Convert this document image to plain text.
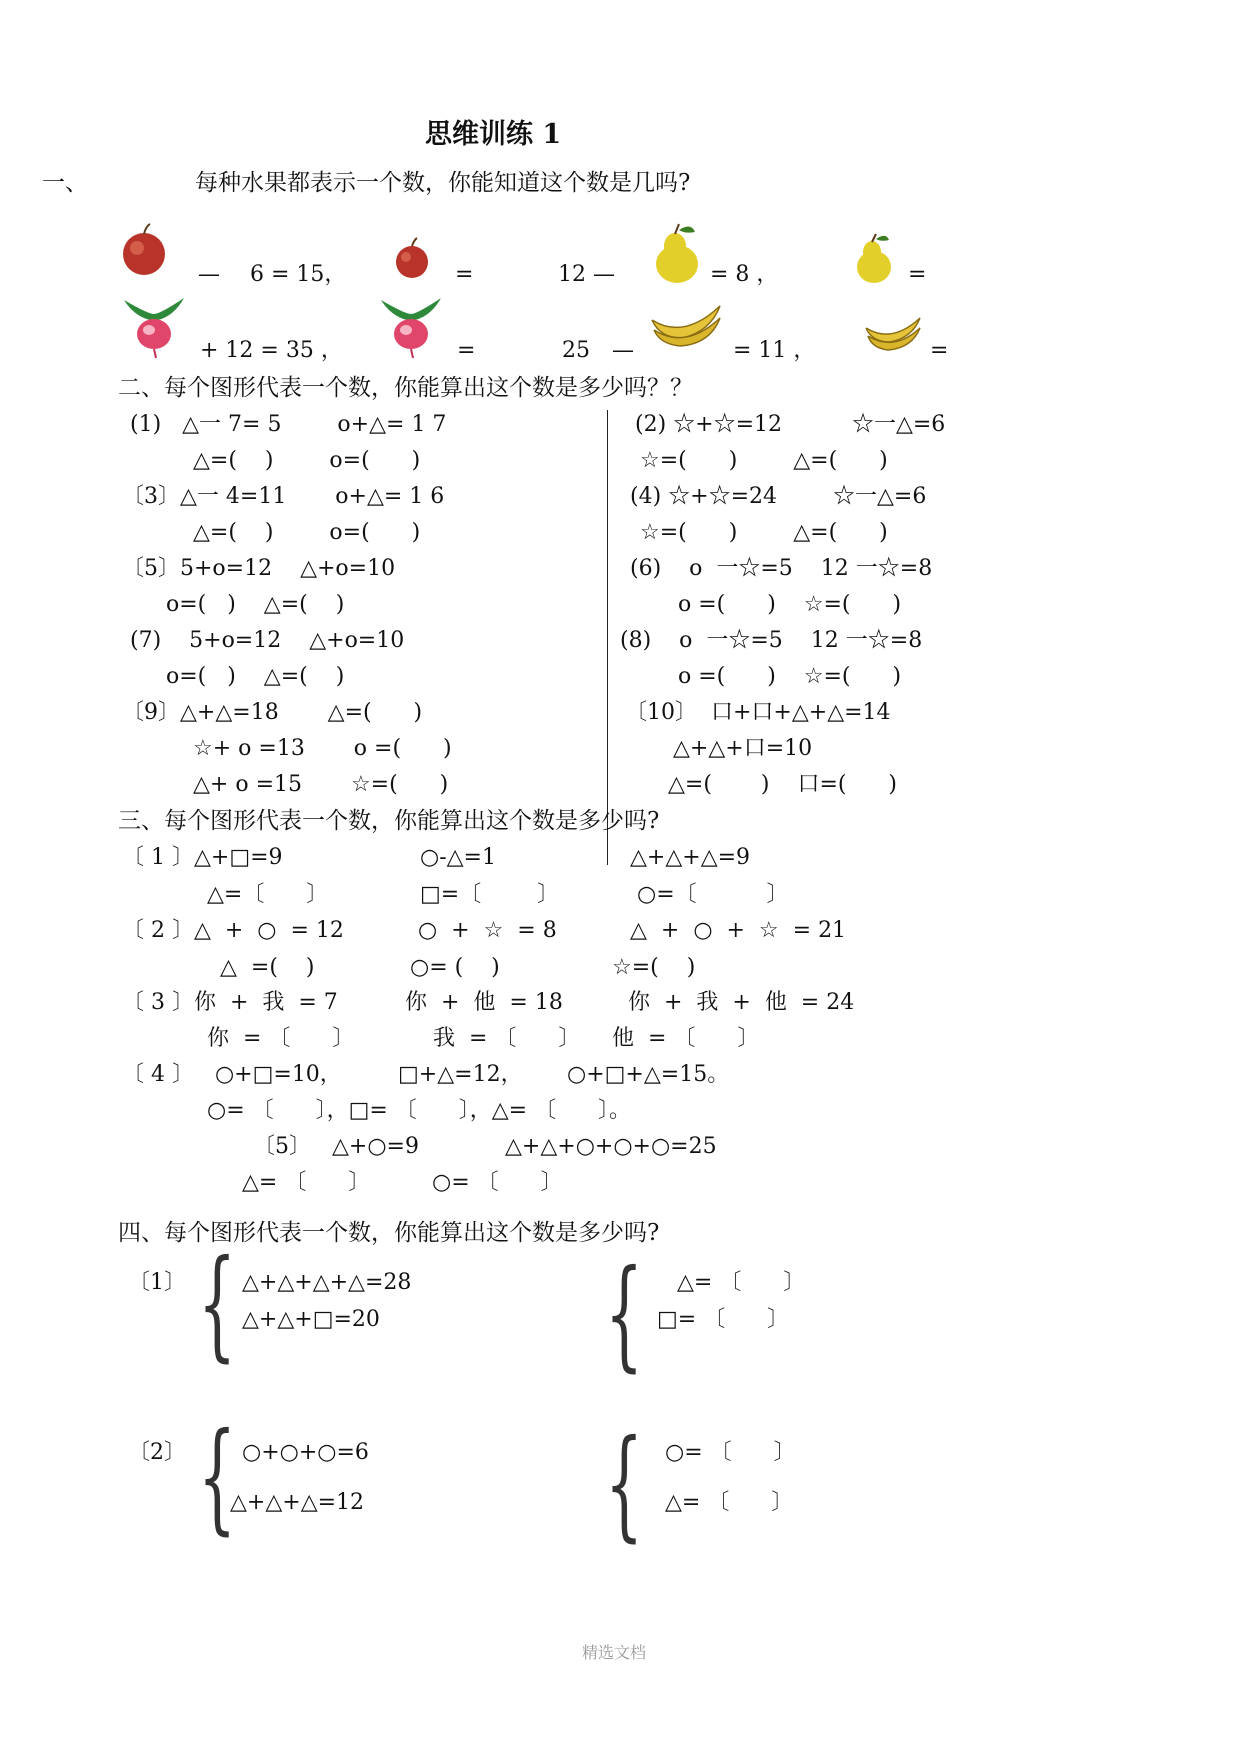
思维训练 1
一、	每种水果都表示一个数，你能知道这个数是几吗?
— 6 = 15，	=	12 —	= 8 ，	=
+ 12 = 35 ，	=	25 —	= 11 ，	=
二、每个图形代表一个数，你能算出这个数是多少吗？？
(1)   △一 7= 5        o+△= 1 7
△=(    )        o=(      )
〔3〕△一 4=11       o+△= 1 6
△=(    )        o=(      )
〔5〕5+o=12    △+o=10
o=(   )    △=(    )
(7)    5+o=12    △+o=10
o=(   )    △=(    )
〔9〕△+△=18       △=(      )
☆+ o =13       o =(      )
△+ o =15       ☆=(      )
(2) ☆+☆=12          ☆一△=6
☆=(      )        △=(      )
(4) ☆+☆=24        ☆一△=6
☆=(      )        △=(      )
(6)    o  一☆=5    12 一☆=8
o =(      )    ☆=(      )
(8)    o  一☆=5    12 一☆=8
o =(      )    ☆=(      )
〔10〕  口+口+△+△=14
△+△+口=10
△=(       )    口=(      )
三、每个图形代表一个数，你能算出这个数是多少吗?
〔 1 〕△+□=9	○-△=1	△+△+△=9
△=〔      〕	□=〔        〕	○=〔          〕
〔 2 〕△  +  ○  = 12	○  +  ☆  = 8	△  +  ○  +  ☆  = 21
△  =(    )	○= (    )	☆=(    )
〔 3 〕你  +  我  = 7	你  +  他  = 18	你  +  我  +  他  = 24
你  = 〔      〕	我  = 〔      〕 他  = 〔      〕
〔 4 〕   ○+□=10，	□+△=12， ○+□+△=15。
○= 〔      〕，□= 〔      〕，△= 〔      〕。
〔5〕   △+○=9	△+△+○+○+○=25
△= 〔      〕	○= 〔      〕
四、每个图形代表一个数，你能算出这个数是多少吗?
〔1〕 { △+△+△+△=28
△+△+□=20 { △= 〔      〕
□= 〔      〕
〔2〕 { ○+○+○=6
△+△+△=12 { ○= 〔      〕
△= 〔      〕
精选文档
